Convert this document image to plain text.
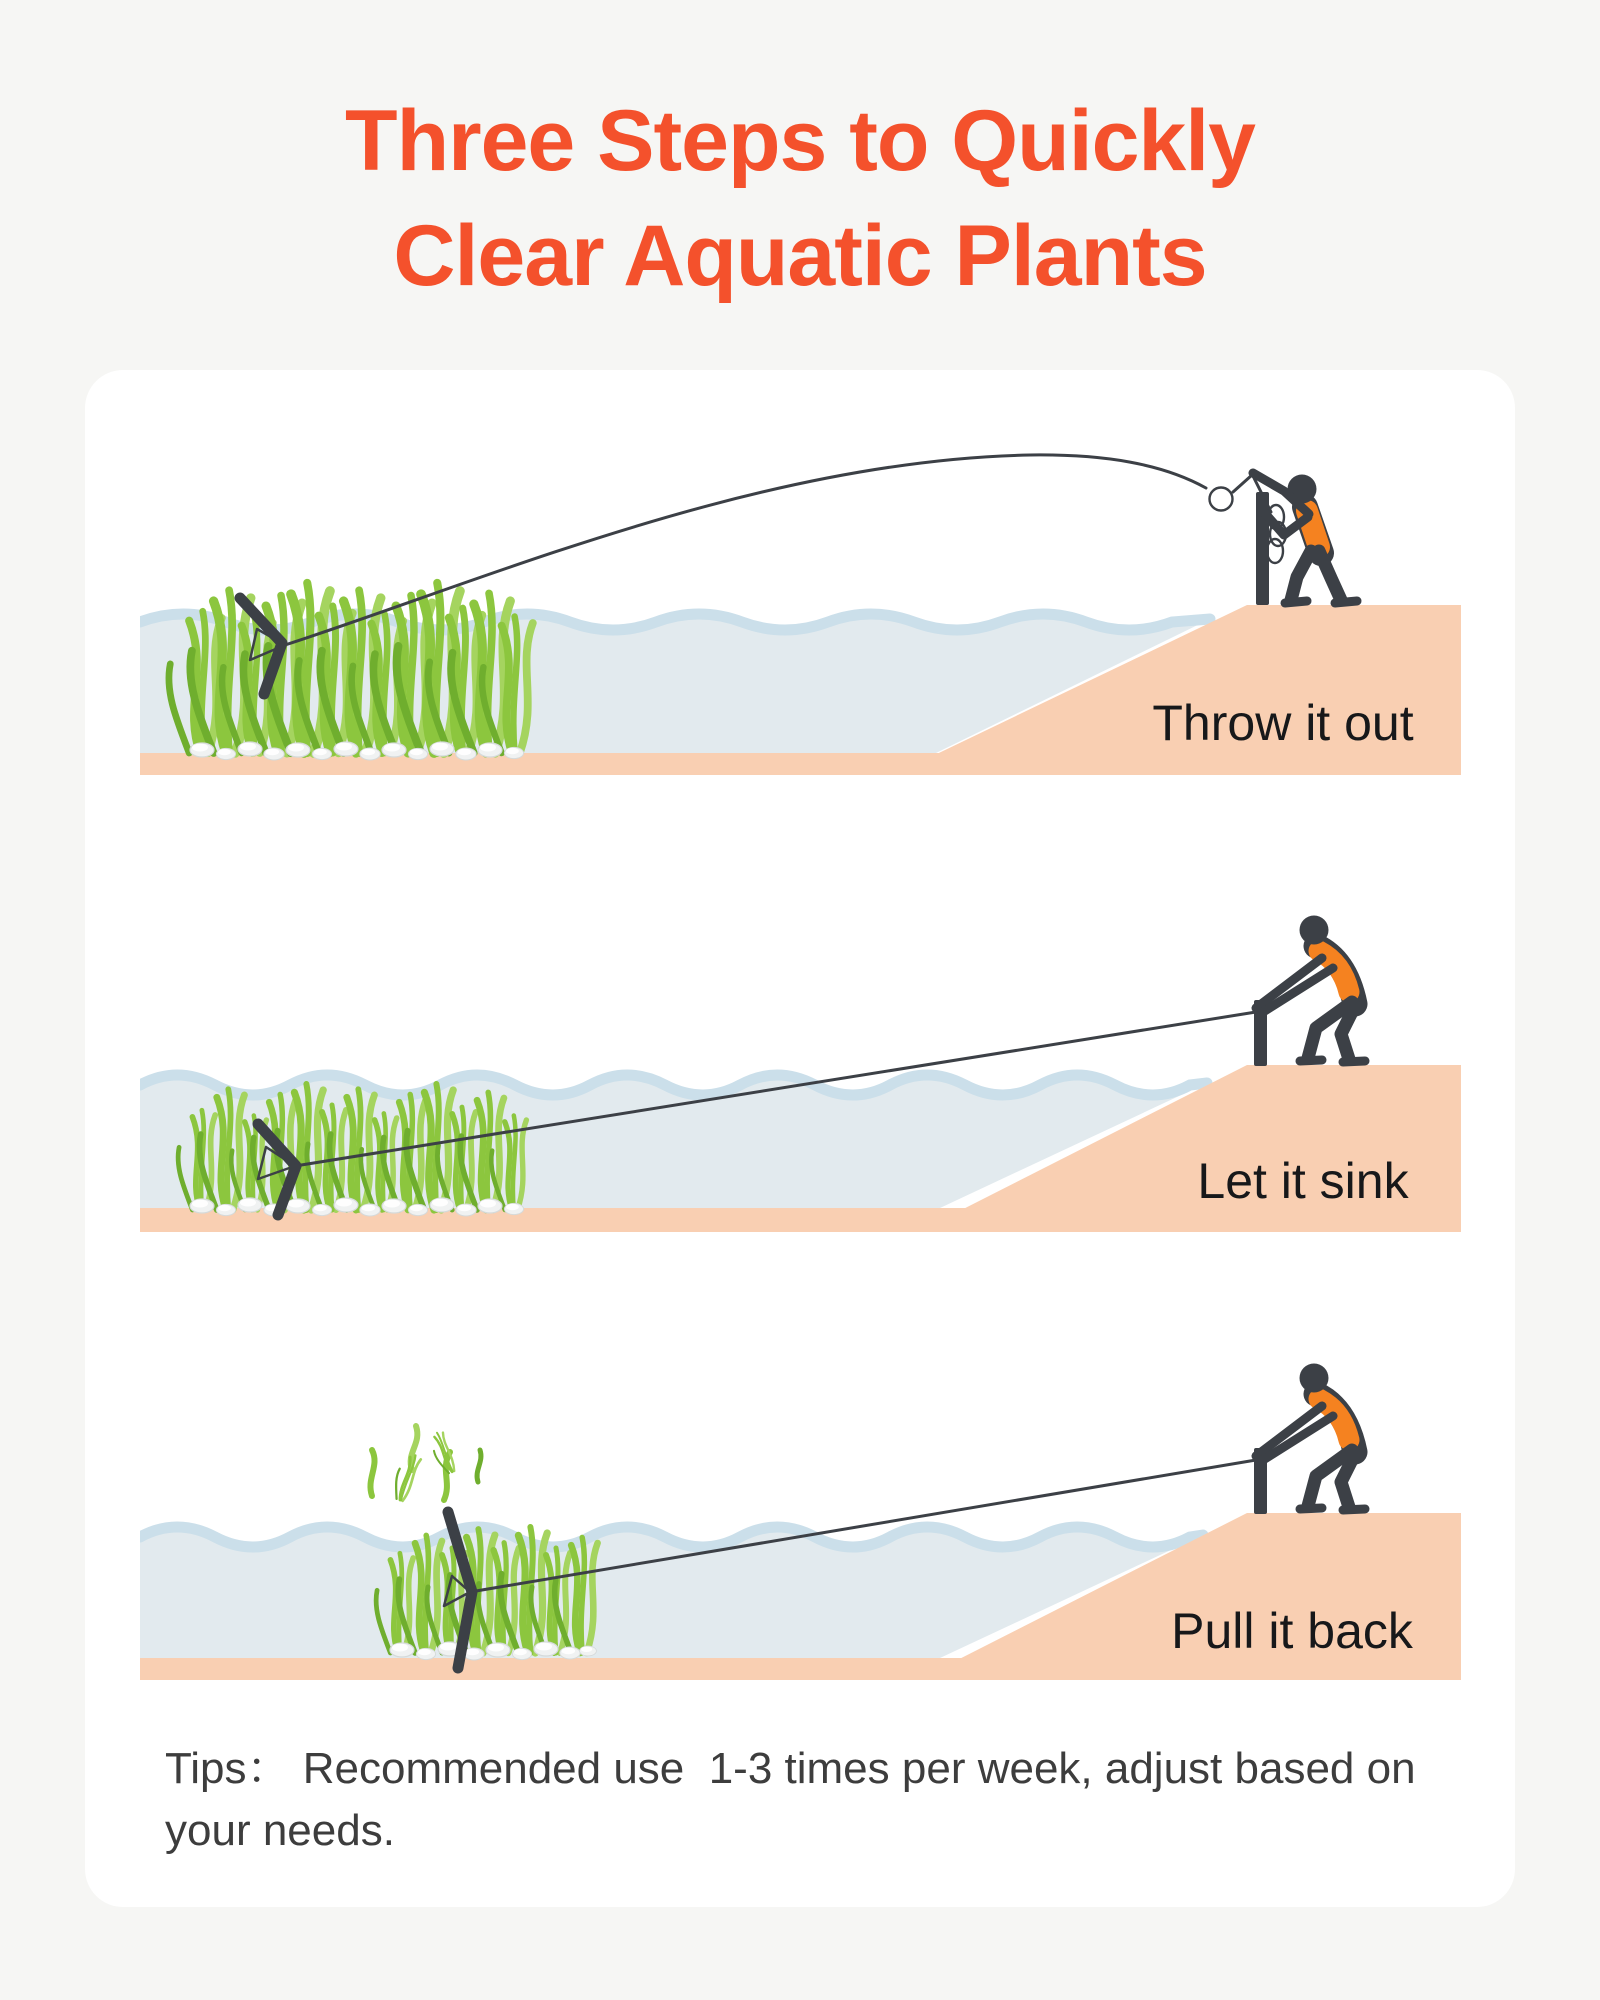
Three Steps to Quickly
Clear Aquatic Plants
Throw it out
Let it sink
Pull it back

Tips： Recommended use  1-3 times per week, adjust based on your needs.
